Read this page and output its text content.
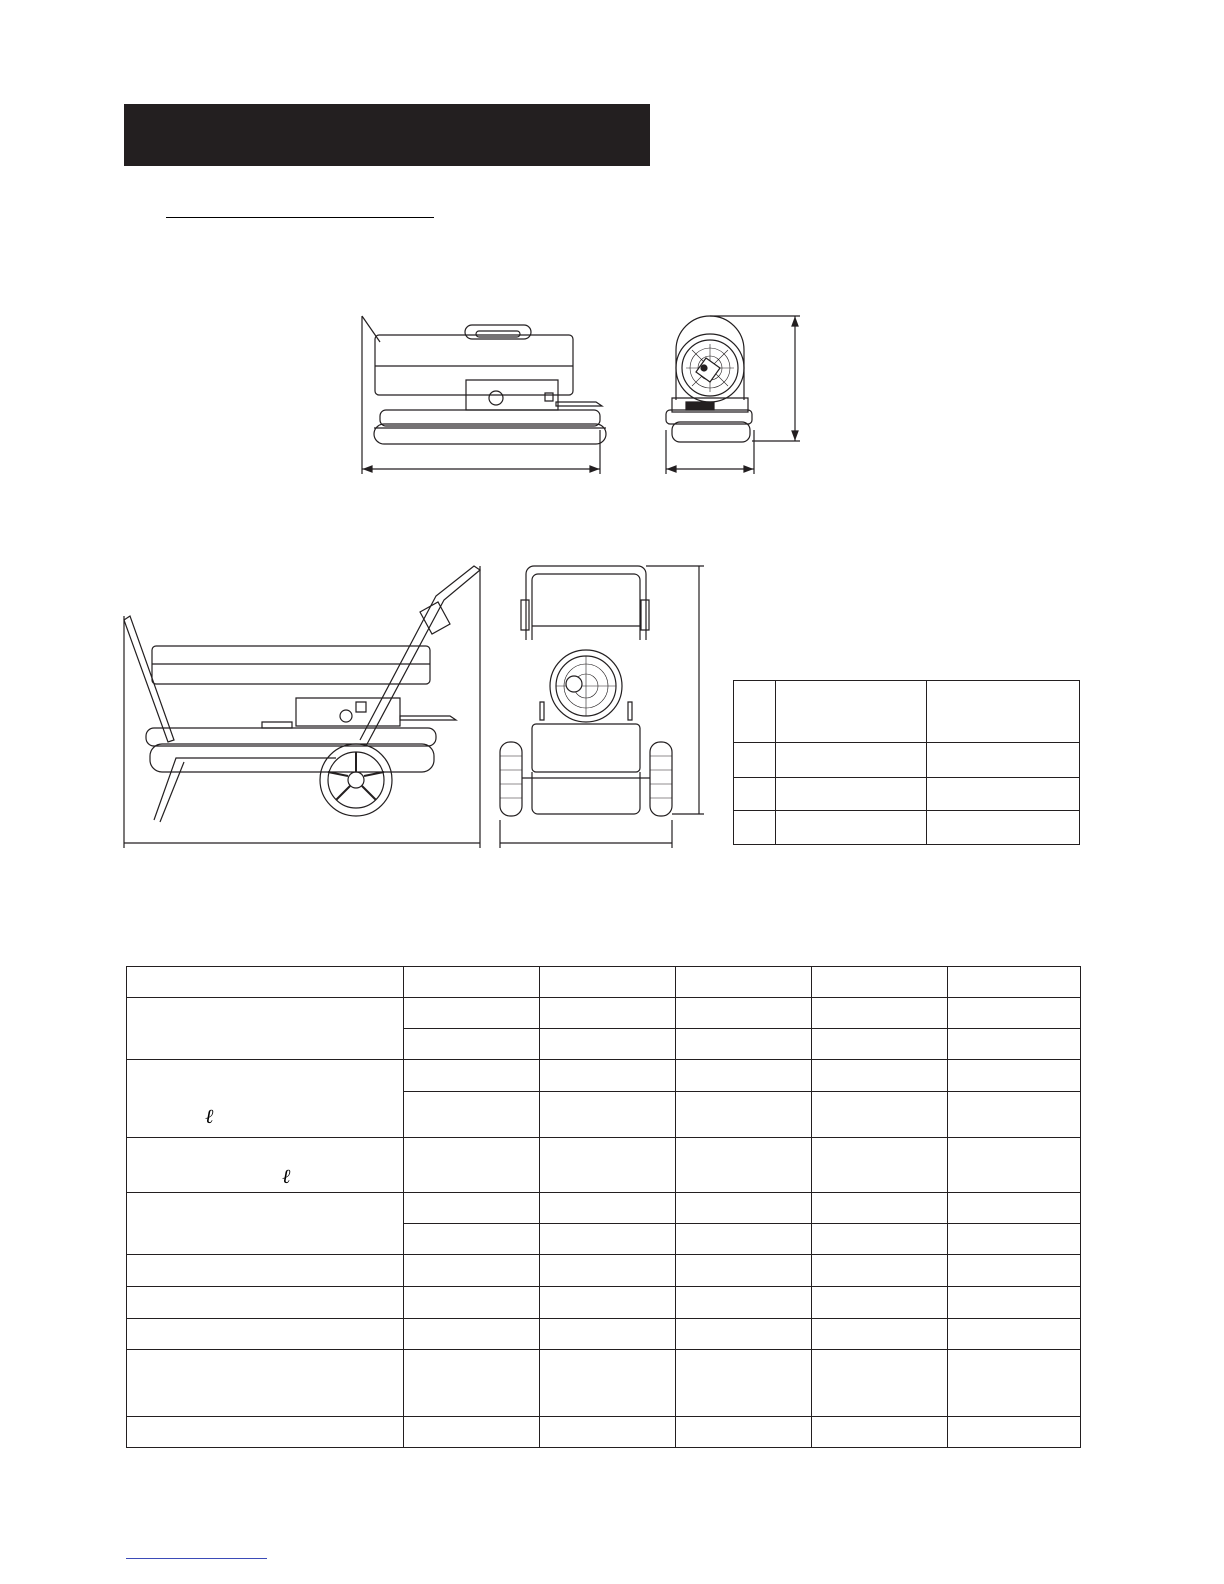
ℓ
ℓ
